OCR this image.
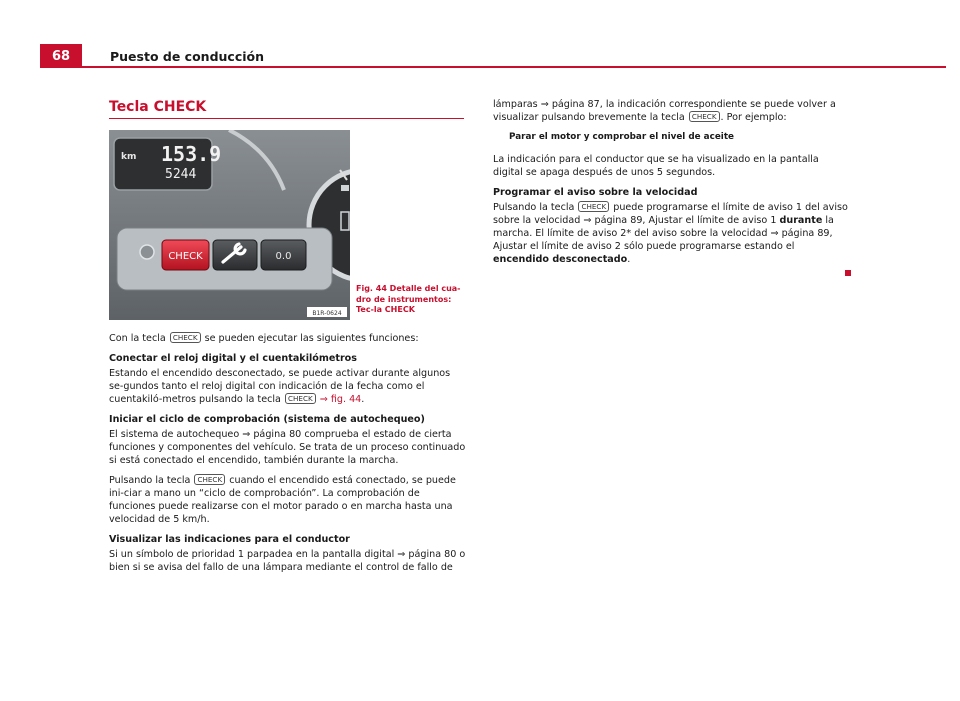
68	Puesto de conducción
Tecla CHECK
km 153.9
5244
CHECK	0.0
B1R-0624
Fig. 44 Detalle del cua-dro de instrumentos: Tec-la CHECK

Con la tecla CHECK se pueden ejecutar las siguientes funciones:

Conectar el reloj digital y el cuentakilómetros

Estando el encendido desconectado, se puede activar durante algunos se-gundos tanto el reloj digital con indicación de la fecha como el cuentakiló-metros pulsando la tecla CHECK ⇒ fig. 44.

Iniciar el ciclo de comprobación (sistema de autochequeo)

El sistema de autochequeo ⇒ página 80 comprueba el estado de cierta funciones y componentes del vehículo. Se trata de un proceso continuado si está conectado el encendido, también durante la marcha.

Pulsando la tecla CHECK cuando el encendido está conectado, se puede ini-ciar a mano un “ciclo de comprobación”. La comprobación de funciones puede realizarse con el motor parado o en marcha hasta una velocidad de 5 km/h.

Visualizar las indicaciones para el conductor

Si un símbolo de prioridad 1 parpadea en la pantalla digital ⇒ página 80 o bien si se avisa del fallo de una lámpara mediante el control de fallo de

lámparas ⇒ página 87, la indicación correspondiente se puede volver a visualizar pulsando brevemente la tecla CHECK . Por ejemplo:

Parar el motor y comprobar el nivel de aceite

La indicación para el conductor que se ha visualizado en la pantalla digital se apaga después de unos 5 segundos.

Programar el aviso sobre la velocidad

Pulsando la tecla CHECK puede programarse el límite de aviso 1 del aviso sobre la velocidad ⇒ página 89, Ajustar el límite de aviso 1 durante la marcha. El límite de aviso 2* del aviso sobre la velocidad ⇒ página 89, Ajustar el límite de aviso 2 sólo puede programarse estando el encendido desconectado.
